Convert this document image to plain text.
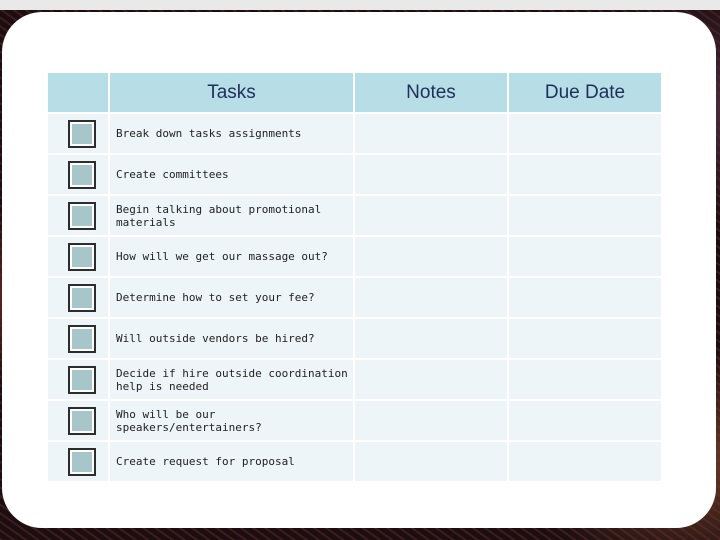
Tasks	Notes	Due Date
Break down tasks assignments
Create committees
Begin talking about promotional materials
How will we get our massage out?
Determine how to set your fee?
Will outside vendors be hired?
Decide if hire outside coordination help is needed
Who will be our speakers/entertainers?
Create request for proposal
